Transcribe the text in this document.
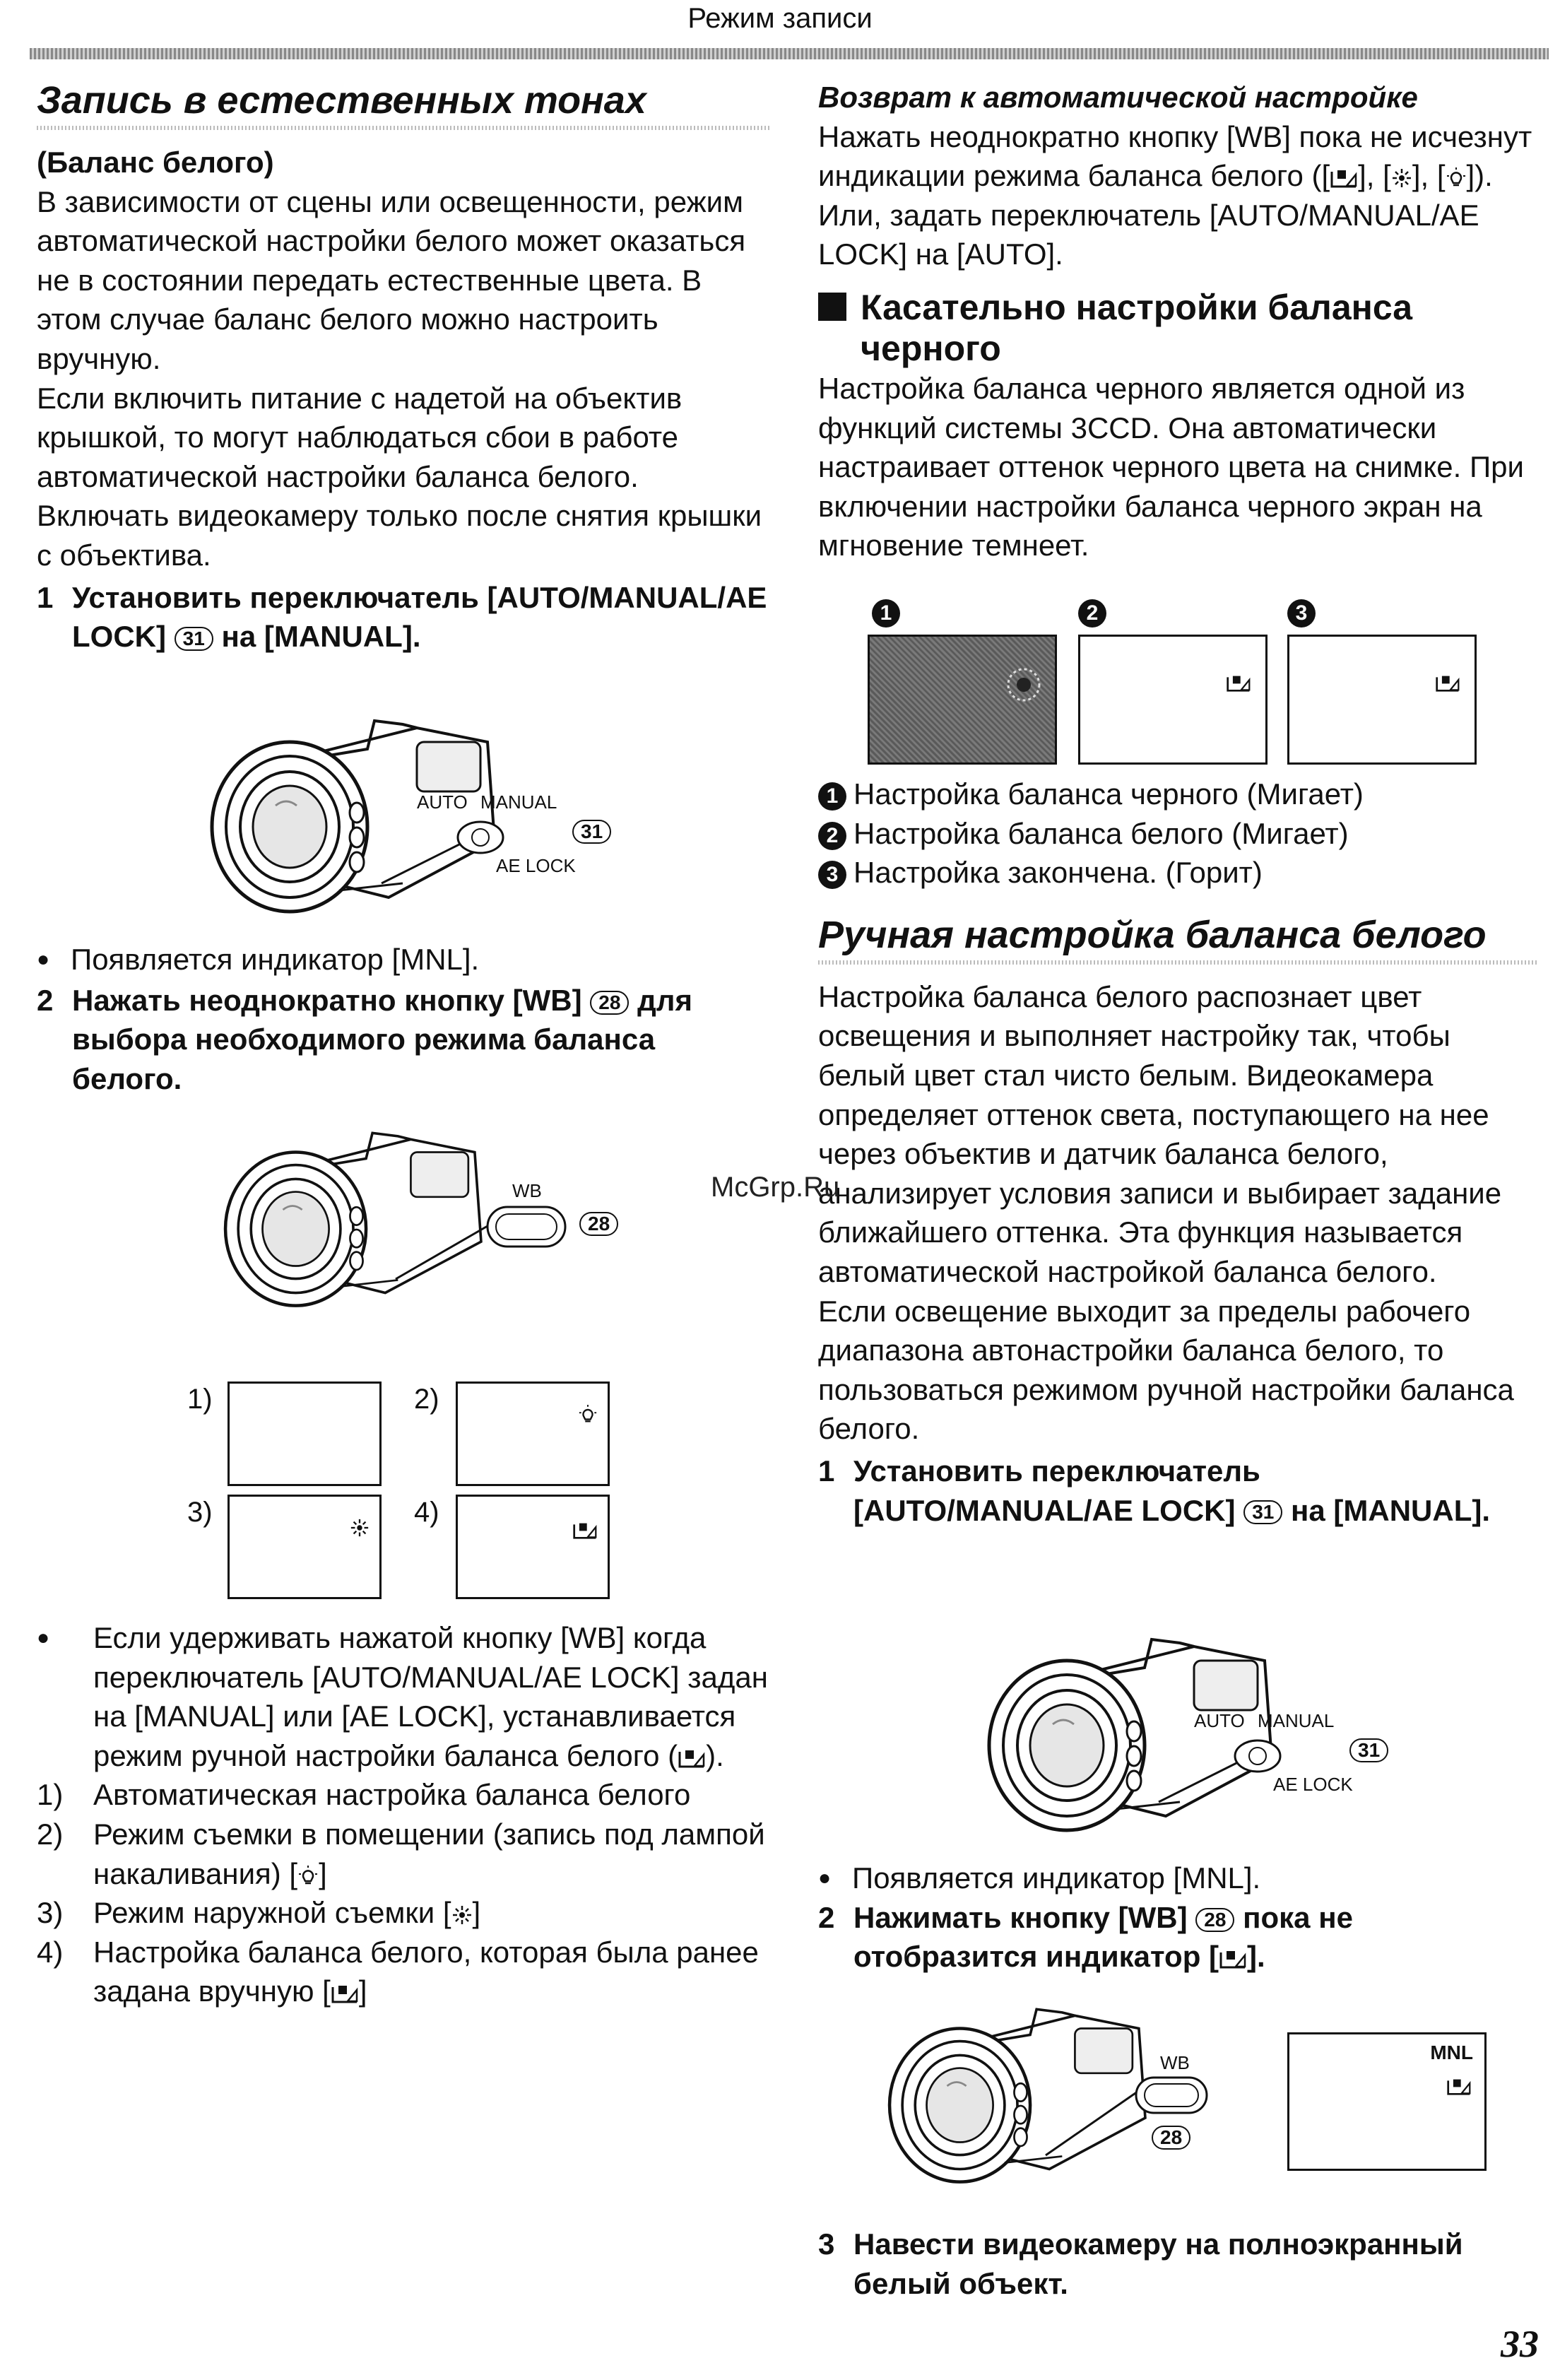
Режим записи
Запись в естественных тонах

(Баланс белого)

В зависимости от сцены или освещенности, режим автоматической настройки белого может оказаться не в состоянии передать естественные цвета. В этом случае баланс белого можно настроить вручную.

Если включить питание с надетой на объектив крышкой, то могут наблюдаться сбои в работе автоматической настройки баланса белого. Включать видеокамеру только после снятия крышки с объектива.

1 Установить переключатель [AUTO/MANUAL/AE LOCK] 31 на [MANUAL].
AUTO MANUAL
AE LOCK
31

● Появляется индикатор [MNL].

2 Нажать неоднократно кнопку [WB] 28 для выбора необходимого режима баланса белого.
WB
28
1)	2)
3)	4)

● Если удерживать нажатой кнопку [WB] когда переключатель [AUTO/MANUAL/AE LOCK] задан на [MANUAL] или [AE LOCK], устанавливается режим ручной настройки баланса белого ( ).

1) Автоматическая настройка баланса белого

2) Режим съемки в помещении (запись под лампой накаливания) [ ]

3) Режим наружной съемки [ ]

4) Настройка баланса белого, которая была ранее задана вручную [ ]

Возврат к автоматической настройке

Нажать неоднократно кнопку [WB] пока не исчезнут индикации режима баланса белого ([ ], [ ], [ ]). Или, задать переключатель [AUTO/MANUAL/AE LOCK] на [AUTO].

Касательно настройки баланса черного

Настройка баланса черного является одной из функций системы 3CCD. Она автоматически настраивает оттенок черного цвета на снимке. При включении настройки баланса черного экран на мгновение темнеет.

1	2	3

1 Настройка баланса черного (Мигает)

2 Настройка баланса белого (Мигает)

3 Настройка закончена. (Горит)

Ручная настройка баланса белого

Настройка баланса белого распознает цвет освещения и выполняет настройку так, чтобы белый цвет стал чисто белым. Видеокамера определяет оттенок света, поступающего на нее через объектив и датчик баланса белого, анализирует условия записи и выбирает задание ближайшего оттенка. Эта функция называется автоматической настройкой баланса белого.

Если освещение выходит за пределы рабочего диапазона автонастройки баланса белого, то пользоваться режимом ручной настройки баланса белого.

1 Установить переключатель [AUTO/MANUAL/AE LOCK] 31 на [MANUAL].
McGrp.Ru
AUTO MANUAL
AE LOCK
31

● Появляется индикатор [MNL].

2 Нажимать кнопку [WB] 28 пока не отобразится индикатор [ ].
WB
28
MNL
3 Навести видеокамеру на полноэкранный белый объект.
33
